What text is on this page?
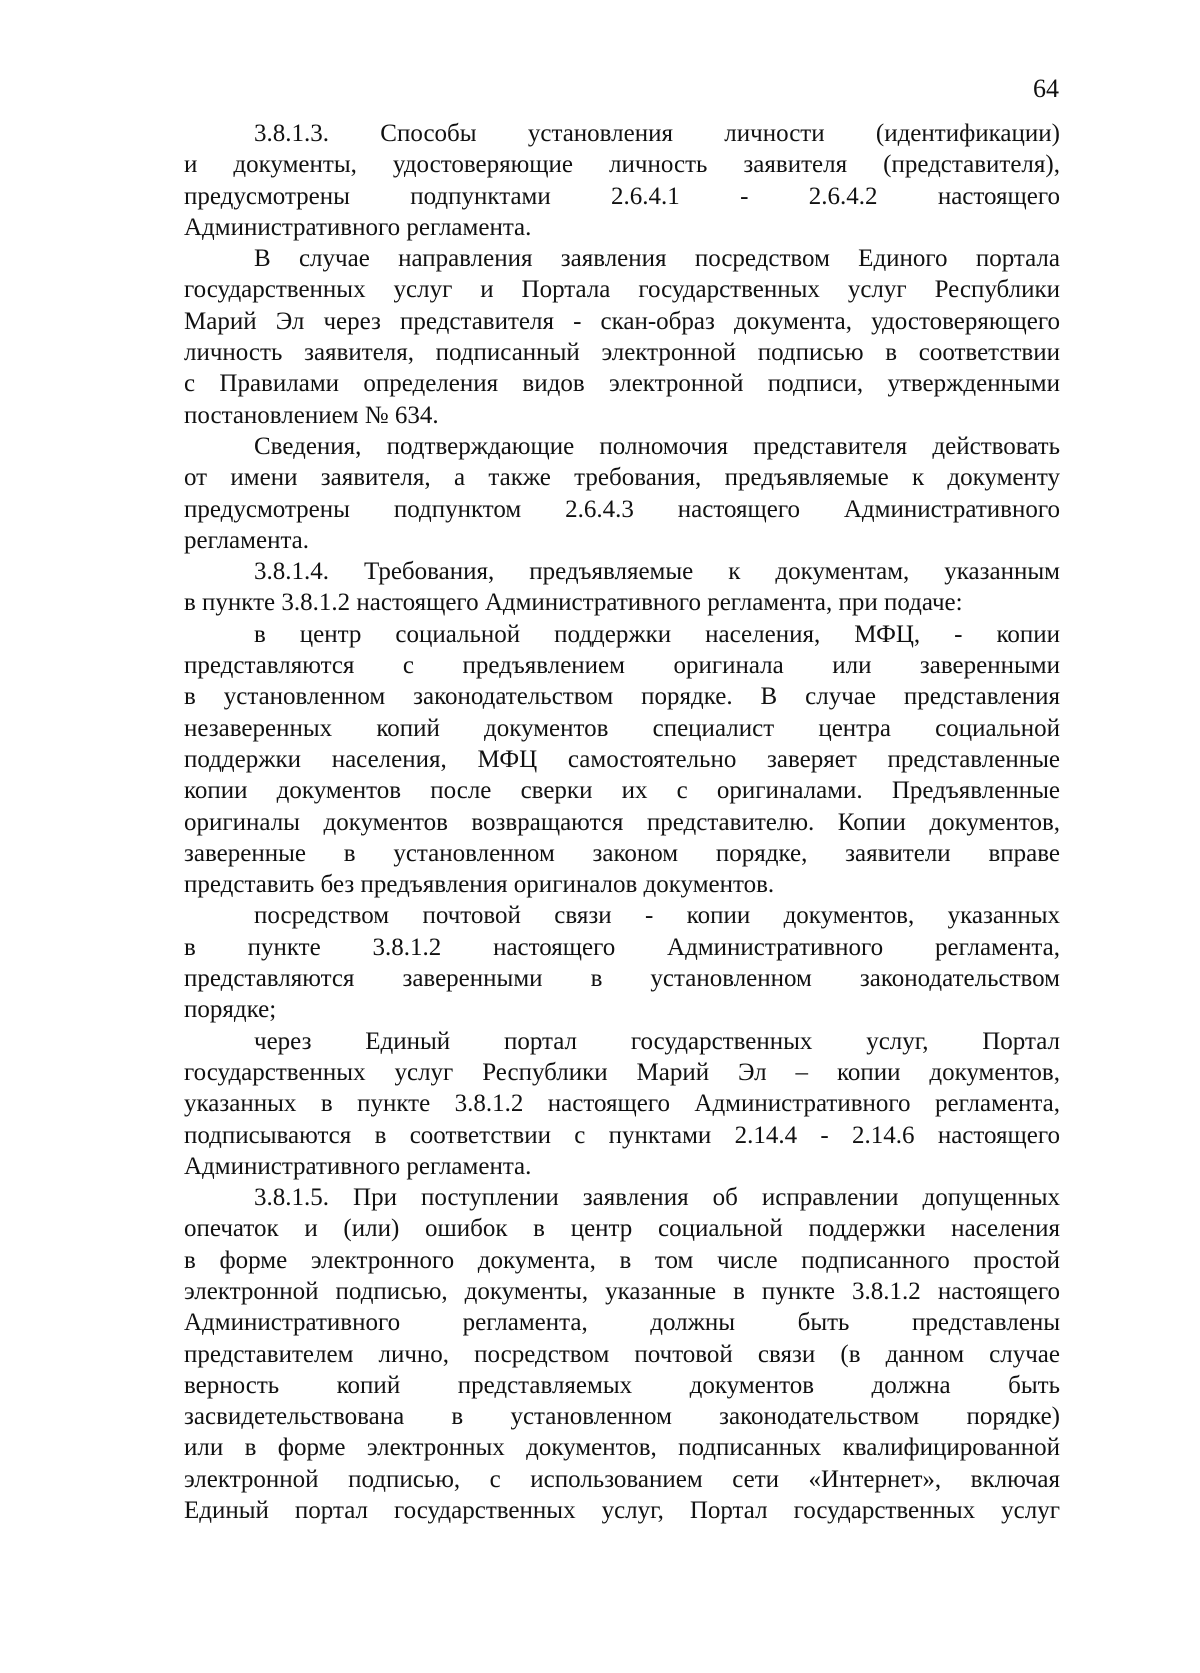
64
3.8.1.3. Способы установления личности (идентификации)
и документы, удостоверяющие личность заявителя (представителя),
предусмотрены подпунктами 2.6.4.1 - 2.6.4.2 настоящего
Административного регламента.
В случае направления заявления посредством Единого портала
государственных услуг и Портала государственных услуг Республики
Марий Эл через представителя - скан-образ документа, удостоверяющего
личность заявителя, подписанный электронной подписью в соответствии
с Правилами определения видов электронной подписи, утвержденными
постановлением № 634.
Сведения, подтверждающие полномочия представителя действовать
от имени заявителя, а также требования, предъявляемые к документу
предусмотрены подпунктом 2.6.4.3 настоящего Административного
регламента.
3.8.1.4. Требования, предъявляемые к документам, указанным
в пункте 3.8.1.2 настоящего Административного регламента, при подаче:
в центр социальной поддержки населения, МФЦ, - копии
представляются с предъявлением оригинала или заверенными
в установленном законодательством порядке. В случае представления
незаверенных копий документов специалист центра социальной
поддержки населения, МФЦ самостоятельно заверяет представленные
копии документов после сверки их с оригиналами. Предъявленные
оригиналы документов возвращаются представителю. Копии документов,
заверенные в установленном законом порядке, заявители вправе
представить без предъявления оригиналов документов.
посредством почтовой связи - копии документов, указанных
в пункте 3.8.1.2 настоящего Административного регламента,
представляются заверенными в установленном законодательством
порядке;
через Единый портал государственных услуг, Портал
государственных услуг Республики Марий Эл – копии документов,
указанных в пункте 3.8.1.2 настоящего Административного регламента,
подписываются в соответствии с пунктами 2.14.4 - 2.14.6 настоящего
Административного регламента.
3.8.1.5. При поступлении заявления об исправлении допущенных
опечаток и (или) ошибок в центр социальной поддержки населения
в форме электронного документа, в том числе подписанного простой
электронной подписью, документы, указанные в пункте 3.8.1.2 настоящего
Административного регламента, должны быть представлены
представителем лично, посредством почтовой связи (в данном случае
верность копий представляемых документов должна быть
засвидетельствована в установленном законодательством порядке)
или в форме электронных документов, подписанных квалифицированной
электронной подписью, с использованием сети «Интернет», включая
Единый портал государственных услуг, Портал государственных услуг
